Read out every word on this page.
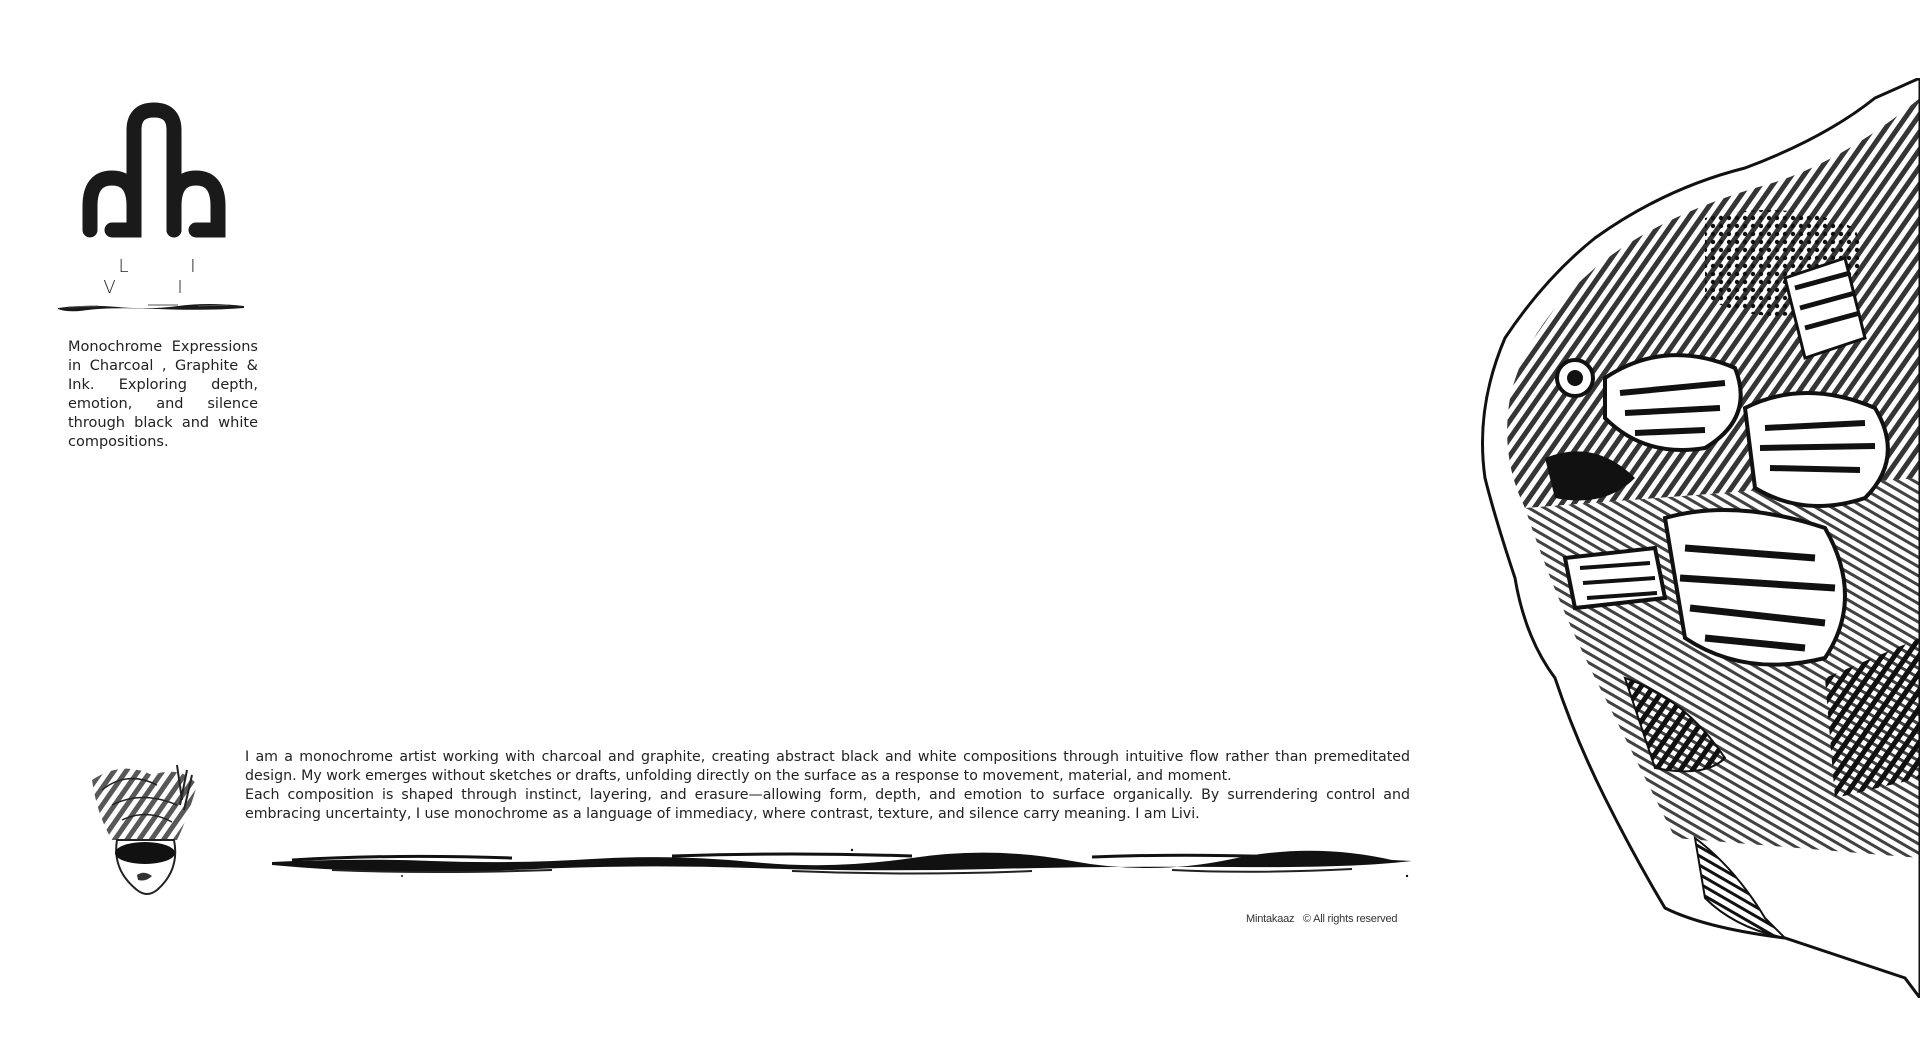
L I V I
Monochrome Expressions in Charcoal , Graphite & Ink. Exploring depth, emotion, and silence through black and white compositions.

I am a monochrome artist working with charcoal and graphite, creating abstract black and white compositions through intuitive flow rather than premeditated design. My work emerges without sketches or drafts, unfolding directly on the surface as a response to movement, material, and moment.

Each composition is shaped through instinct, layering, and erasure—allowing form, depth, and emotion to surface organically. By surrendering control and embracing uncertainty, I use monochrome as a language of immediacy, where contrast, texture, and silence carry meaning. I am Livi.

Mintakaaz © All rights reserved
